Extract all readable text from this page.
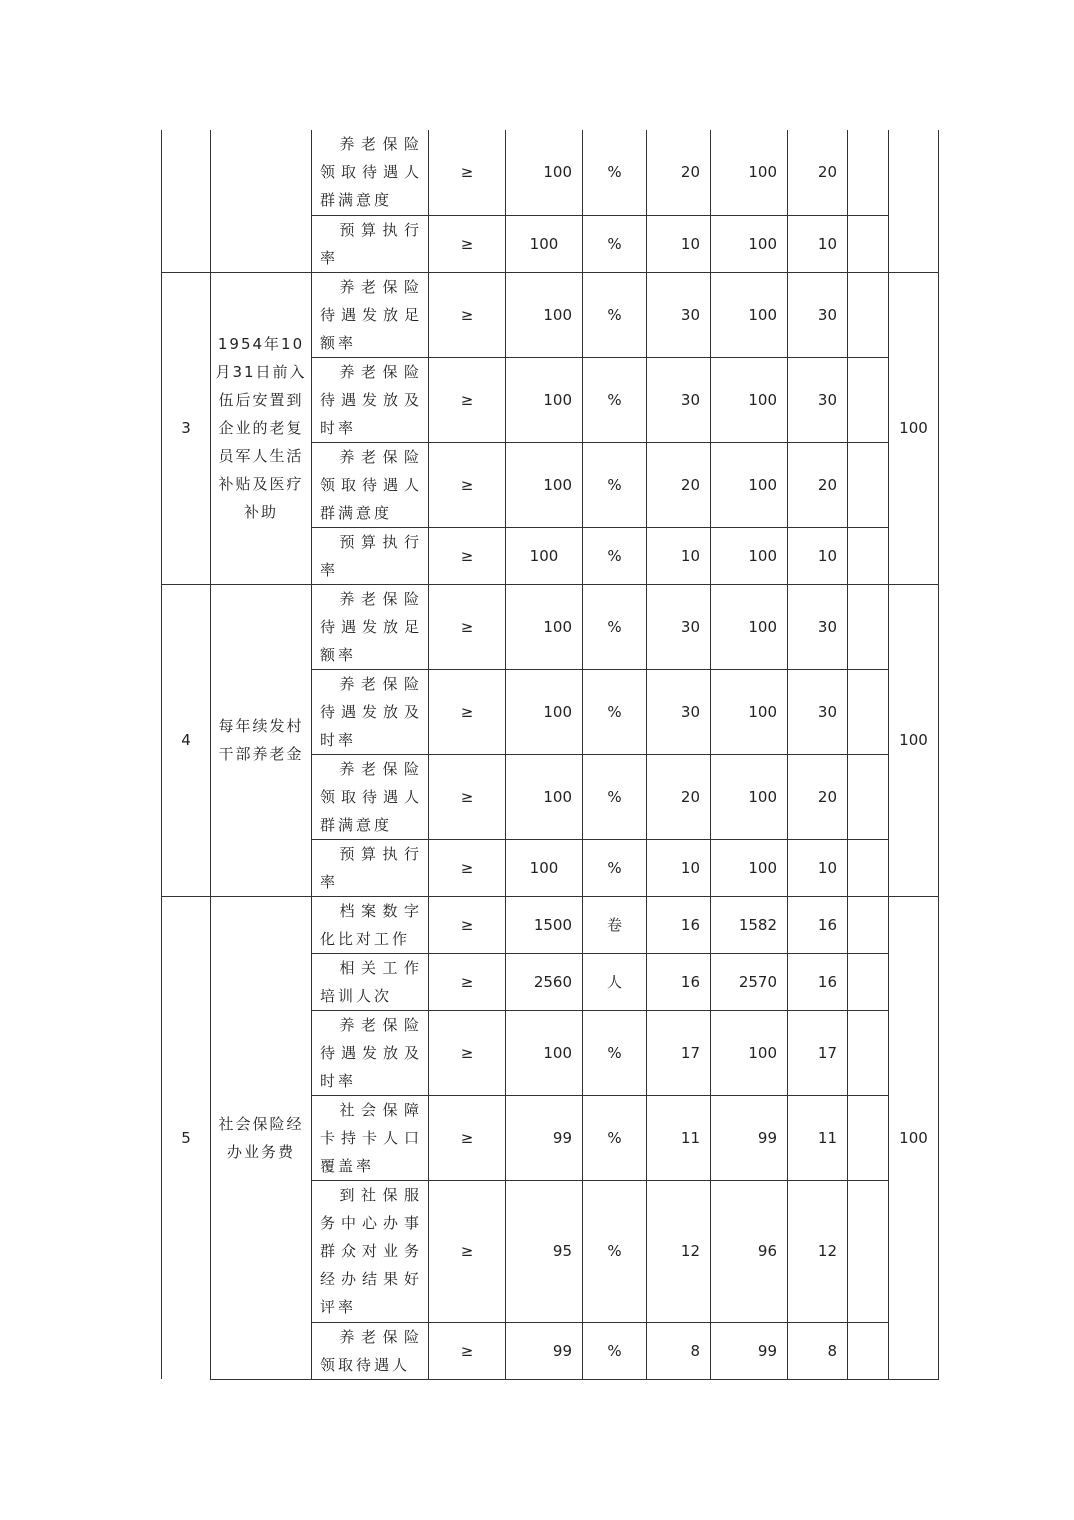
		养老保险领取待遇人群满意度	≥	100	%	20	100	20		
		预算执行率	≥	100	%	10	100	10		
3	1954年10月31日前入伍后安置到企业的老复员军人生活补贴及医疗补助	养老保险待遇发放足额率	≥	100	%	30	100	30		100
		养老保险待遇发放及时率	≥	100	%	30	100	30		
		养老保险领取待遇人群满意度	≥	100	%	20	100	20		
		预算执行率	≥	100	%	10	100	10		
4	每年续发村干部养老金	养老保险待遇发放足额率	≥	100	%	30	100	30		100
		养老保险待遇发放及时率	≥	100	%	30	100	30		
		养老保险领取待遇人群满意度	≥	100	%	20	100	20		
		预算执行率	≥	100	%	10	100	10		
5	社会保险经办业务费	档案数字化比对工作	≥	1500	卷	16	1582	16		100
		相关工作培训人次	≥	2560	人	16	2570	16		
		养老保险待遇发放及时率	≥	100	%	17	100	17		
		社会保障卡持卡人口覆盖率	≥	99	%	11	99	11		
		到社保服务中心办事群众对业务经办结果好评率	≥	95	%	12	96	12		
		养老保险领取待遇人	≥	99	%	8	99	8		
